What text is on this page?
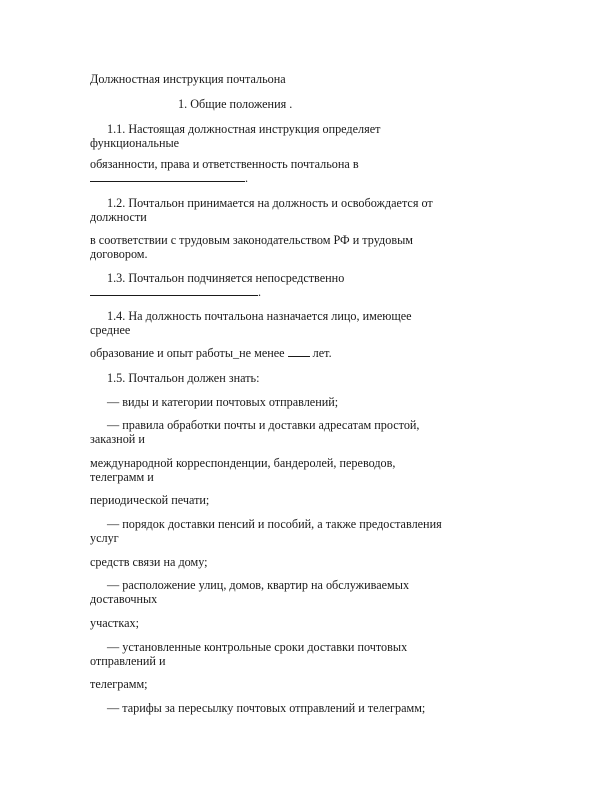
Должностная инструкция почтальона
1. Общие положения .
1.1. Настоящая должностная инструкция определяет
функциональные
обязанности, права и ответственность почтальона в
.
1.2. Почтальон принимается на должность и освобождается от
должности
в соответствии с трудовым законодательством РФ и трудовым
договором.
1.3. Почтальон подчиняется непосредственно
.
1.4. На должность почтальона назначается лицо, имеющее
среднее
образование и опыт работы_не менее лет.
1.5. Почтальон должен знать:
— виды и категории почтовых отправлений;
— правила обработки почты и доставки адресатам простой,
заказной и
международной корреспонденции, бандеролей, переводов,
телеграмм и
периодической печати;
— порядок доставки пенсий и пособий, а также предоставления
услуг
средств связи на дому;
— расположение улиц, домов, квартир на обслуживаемых
доставочных
участках;
— установленные контрольные сроки доставки почтовых
отправлений и
телеграмм;
— тарифы за пересылку почтовых отправлений и телеграмм;
